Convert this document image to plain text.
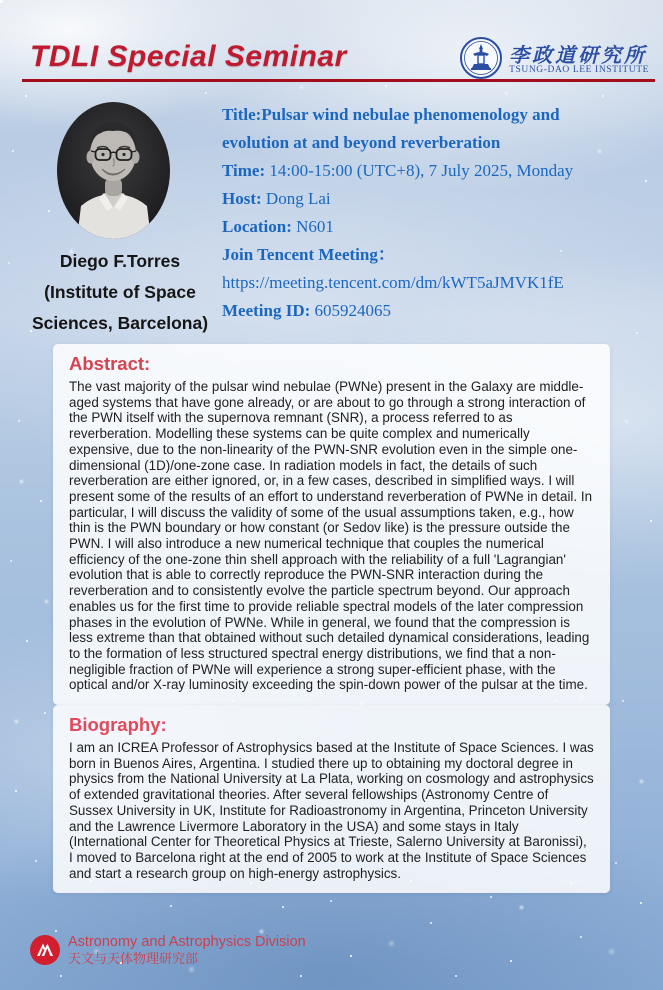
TDLI Special Seminar	李政道研究所
TSUNG-DAO LEE INSTITUTE
Diego F.Torres
(Institute of Space
Sciences, Barcelona)
Title:Pulsar wind nebulae phenomenology and evolution at and beyond reverberation
Time: 14:00-15:00 (UTC+8), 7 July 2025, Monday
Host: Dong Lai
Location: N601
Join Tencent Meeting：
https://meeting.tencent.com/dm/kWT5aJMVK1fE
Meeting ID: 605924065
Abstract:

The vast majority of the pulsar wind nebulae (PWNe) present in the Galaxy are middle-aged systems that have gone already, or are about to go through a strong interaction of the PWN itself with the supernova remnant (SNR), a process referred to as reverberation. Modelling these systems can be quite complex and numerically expensive, due to the non-linearity of the PWN-SNR evolution even in the simple one-dimensional (1D)/one-zone case. In radiation models in fact, the details of such reverberation are either ignored, or, in a few cases, described in simplified ways. I will present some of the results of an effort to understand reverberation of PWNe in detail. In particular, I will discuss the validity of some of the usual assumptions taken, e.g., how thin is the PWN boundary or how constant (or Sedov like) is the pressure outside the PWN. I will also introduce a new numerical technique that couples the numerical efficiency of the one-zone thin shell approach with the reliability of a full 'Lagrangian' evolution that is able to correctly reproduce the PWN-SNR interaction during the reverberation and to consistently evolve the particle spectrum beyond. Our approach enables us for the first time to provide reliable spectral models of the later compression phases in the evolution of PWNe. While in general, we found that the compression is less extreme than that obtained without such detailed dynamical considerations, leading to the formation of less structured spectral energy distributions, we find that a non-negligible fraction of PWNe will experience a strong super-efficient phase, with the optical and/or X-ray luminosity exceeding the spin-down power of the pulsar at the time.

Biography:

I am an ICREA Professor of Astrophysics based at the Institute of Space Sciences. I was born in Buenos Aires, Argentina. I studied there up to obtaining my doctoral degree in physics from the National University at La Plata, working on cosmology and astrophysics of extended gravitational theories. After several fellowships (Astronomy Centre of Sussex University in UK, Institute for Radioastronomy in Argentina, Princeton University and the Lawrence Livermore Laboratory in the USA) and some stays in Italy (International Center for Theoretical Physics at Trieste, Salerno University at Baronissi), I moved to Barcelona right at the end of 2005 to work at the Institute of Space Sciences and start a research group on high-energy astrophysics.

Astronomy and Astrophysics Division
天文与天体物理研究部
